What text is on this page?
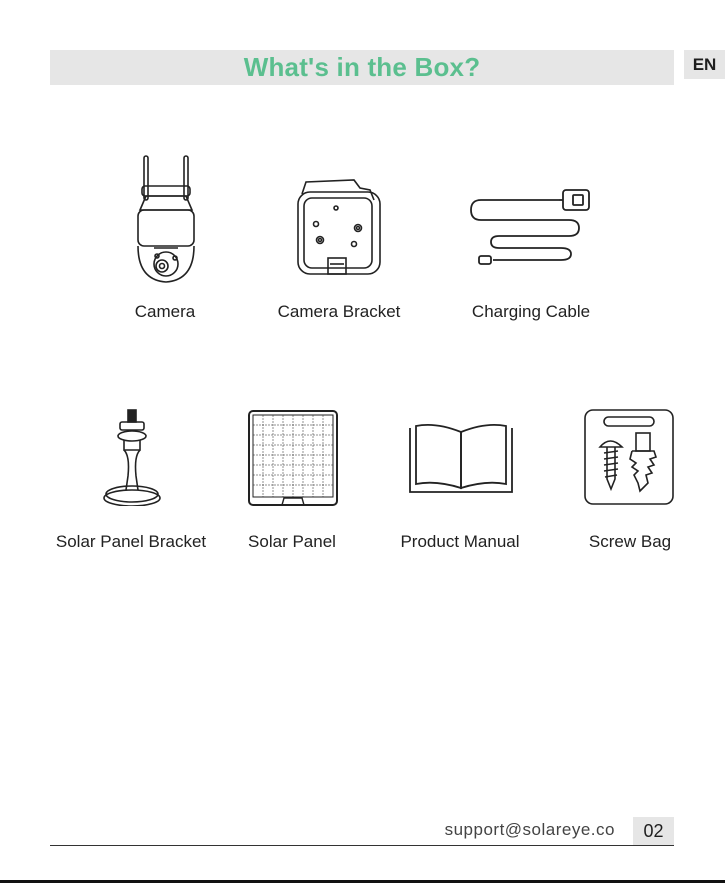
What's in the Box?	EN
Camera	Camera Bracket	Charging Cable
Solar Panel Bracket Solar Panel	Product Manual	Screw Bag
support@solareye.co	02
